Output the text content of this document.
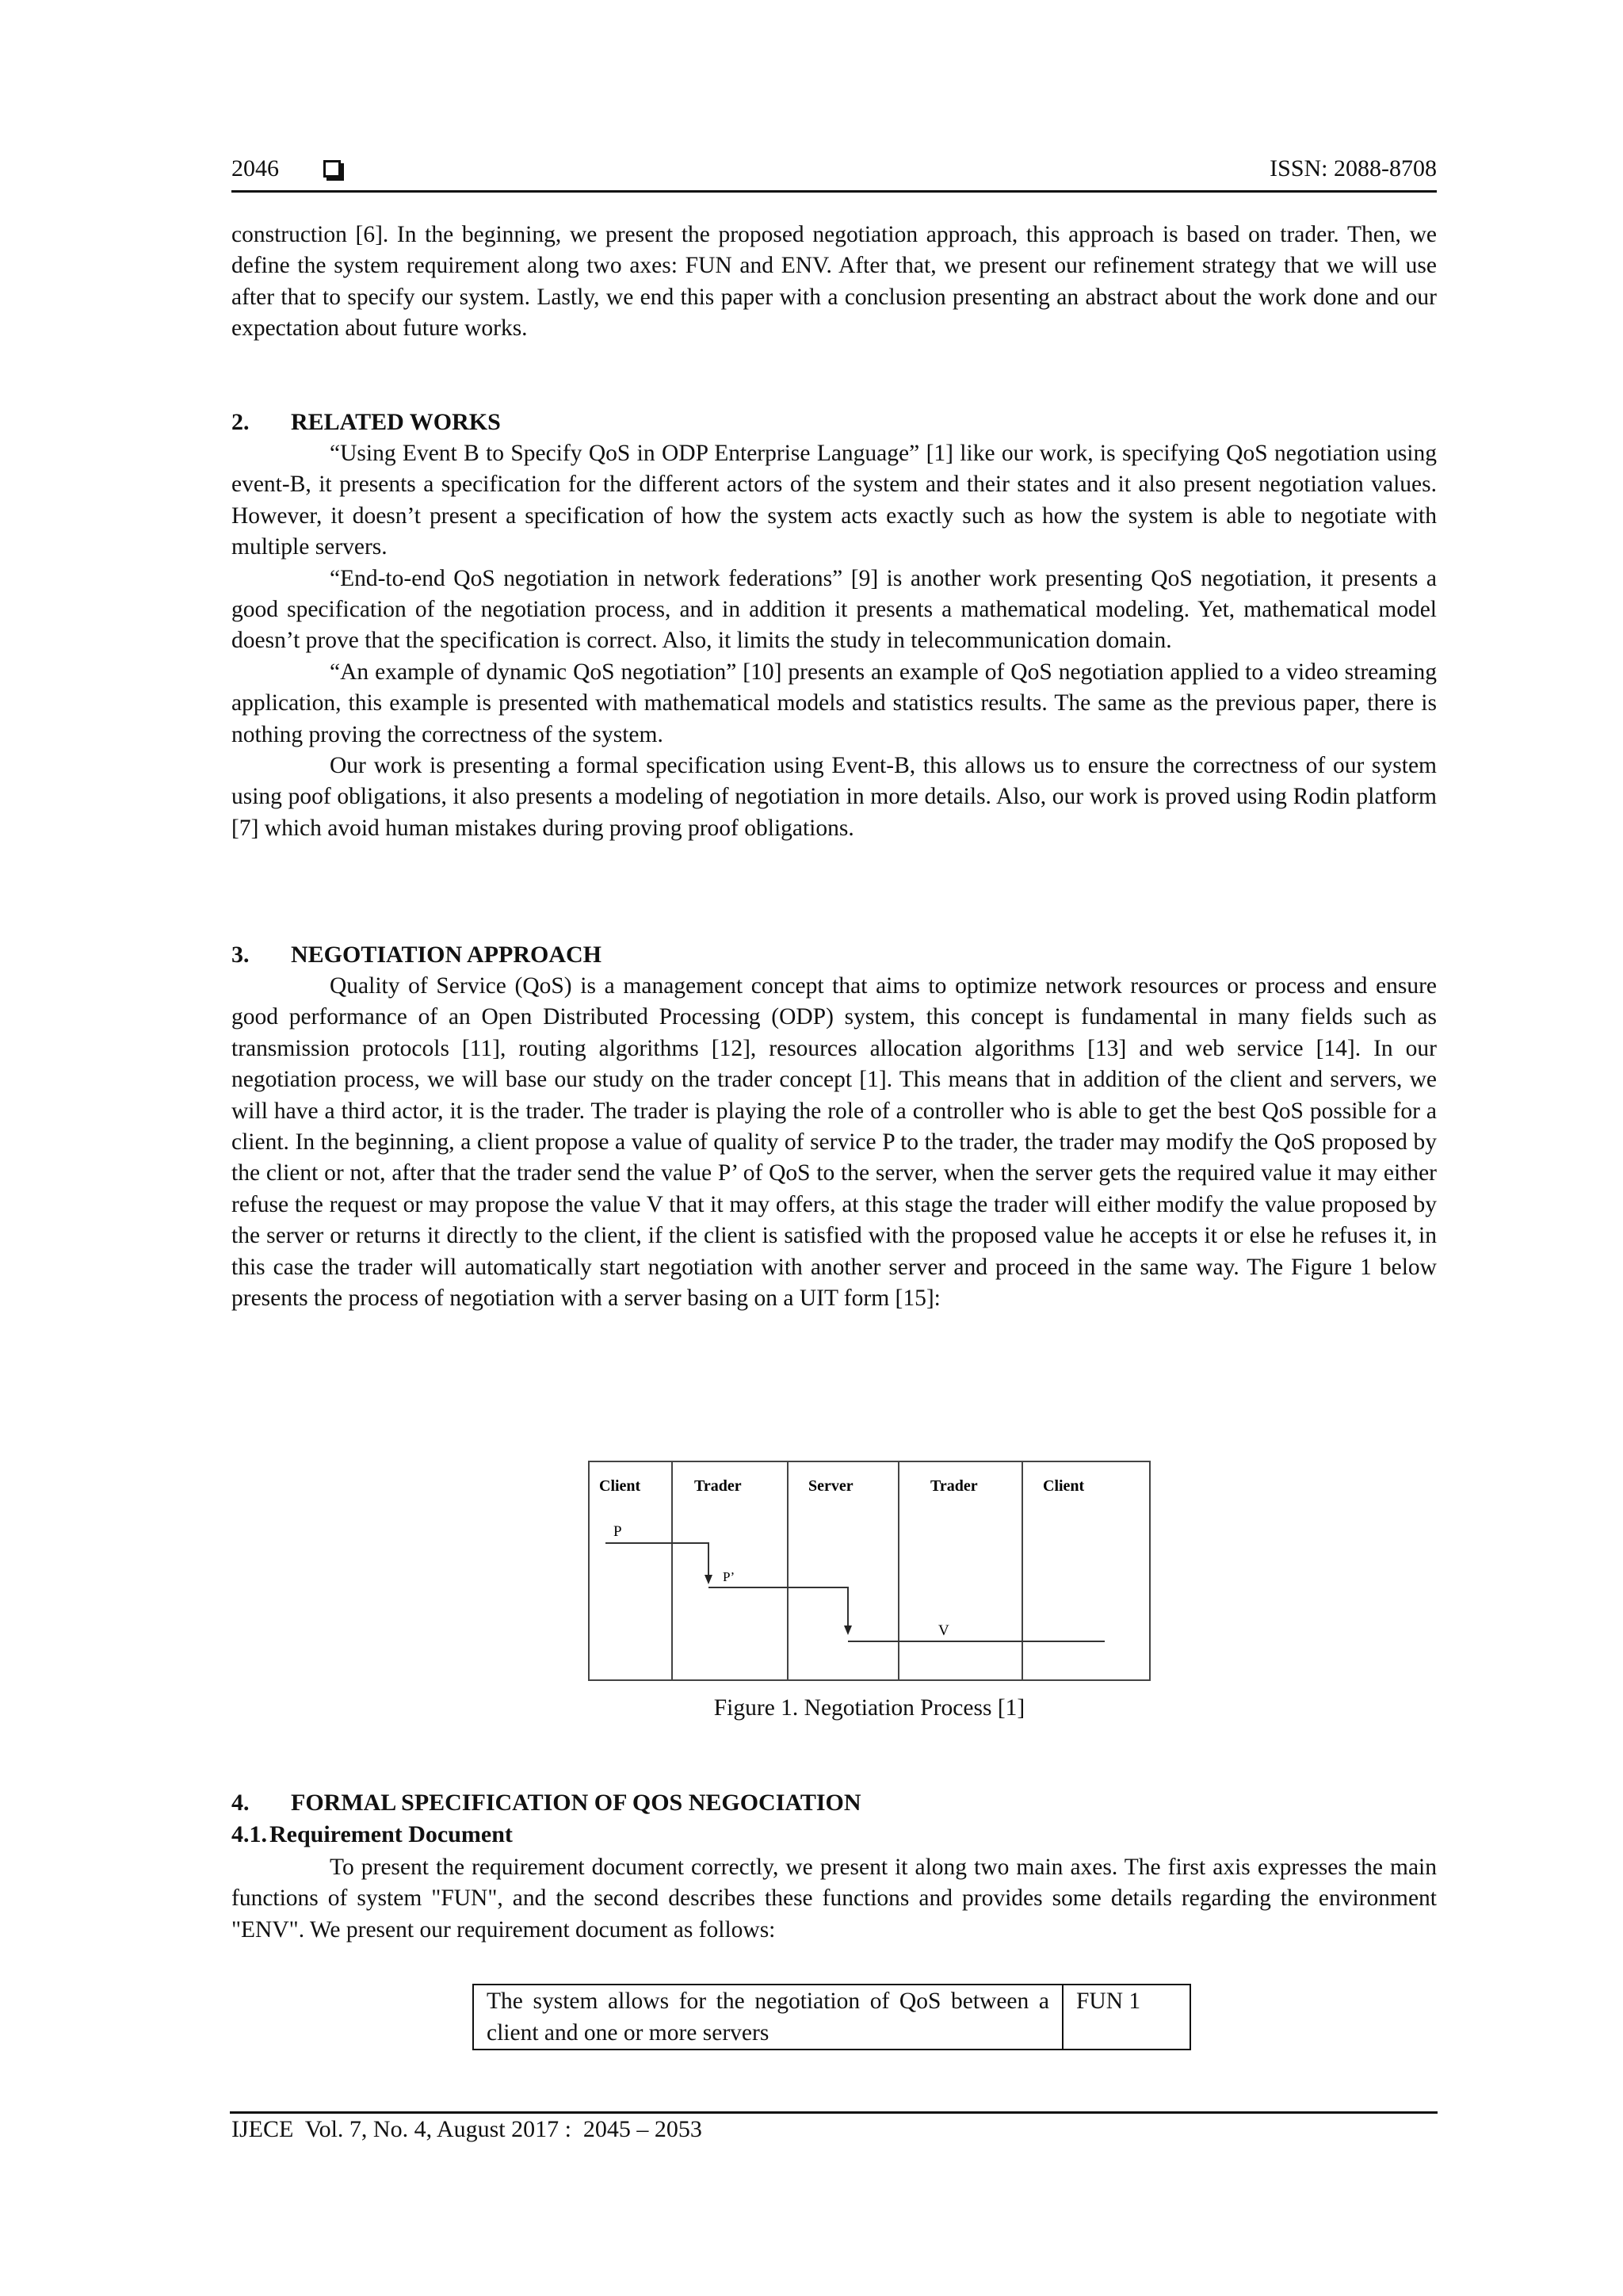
2046	ISSN: 2088-8708

construction [6]. In the beginning, we present the proposed negotiation approach, this approach is based on trader. Then, we define the system requirement along two axes: FUN and ENV. After that, we present our refinement strategy that we will use after that to specify our system. Lastly, we end this paper with a conclusion presenting an abstract about the work done and our expectation about future works.

2. RELATED WORKS

“Using Event B to Specify QoS in ODP Enterprise Language” [1] like our work, is specifying QoS negotiation using event-B, it presents a specification for the different actors of the system and their states and it also present negotiation values. However, it doesn’t present a specification of how the system acts exactly such as how the system is able to negotiate with multiple servers.

“End-to-end QoS negotiation in network federations” [9] is another work presenting QoS negotiation, it presents a good specification of the negotiation process, and in addition it presents a mathematical modeling. Yet, mathematical model doesn’t prove that the specification is correct. Also, it limits the study in telecommunication domain.

“An example of dynamic QoS negotiation” [10] presents an example of QoS negotiation applied to a video streaming application, this example is presented with mathematical models and statistics results. The same as the previous paper, there is nothing proving the correctness of the system.

Our work is presenting a formal specification using Event-B, this allows us to ensure the correctness of our system using poof obligations, it also presents a modeling of negotiation in more details. Also, our work is proved using Rodin platform [7] which avoid human mistakes during proving proof obligations.

3. NEGOTIATION APPROACH

Quality of Service (QoS) is a management concept that aims to optimize network resources or process and ensure good performance of an Open Distributed Processing (ODP) system, this concept is fundamental in many fields such as transmission protocols [11], routing algorithms [12], resources allocation algorithms [13] and web service [14]. In our negotiation process, we will base our study on the trader concept [1]. This means that in addition of the client and servers, we will have a third actor, it is the trader. The trader is playing the role of a controller who is able to get the best QoS possible for a client. In the beginning, a client propose a value of quality of service P to the trader, the trader may modify the QoS proposed by the client or not, after that the trader send the value P’ of QoS to the server, when the server gets the required value it may either refuse the request or may propose the value V that it may offers, at this stage the trader will either modify the value proposed by the server or returns it directly to the client, if the client is satisfied with the proposed value he accepts it or else he refuses it, in this case the trader will automatically start negotiation with another server and proceed in the same way. The Figure 1 below presents the process of negotiation with a server basing on a UIT form [15]:

Client	Trader	Server	Trader	Client
P
P’
V
Figure 1. Negotiation Process [1]
4. FORMAL SPECIFICATION OF QOS NEGOCIATION
4.1. Requirement Document

To present the requirement document correctly, we present it along two main axes. The first axis expresses the main functions of system "FUN", and the second describes these functions and provides some details regarding the environment "ENV". We present our requirement document as follows:

The system allows for the negotiation of QoS between a client and one or more servers	FUN 1
IJECE  Vol. 7, No. 4, August 2017 :  2045 – 2053
